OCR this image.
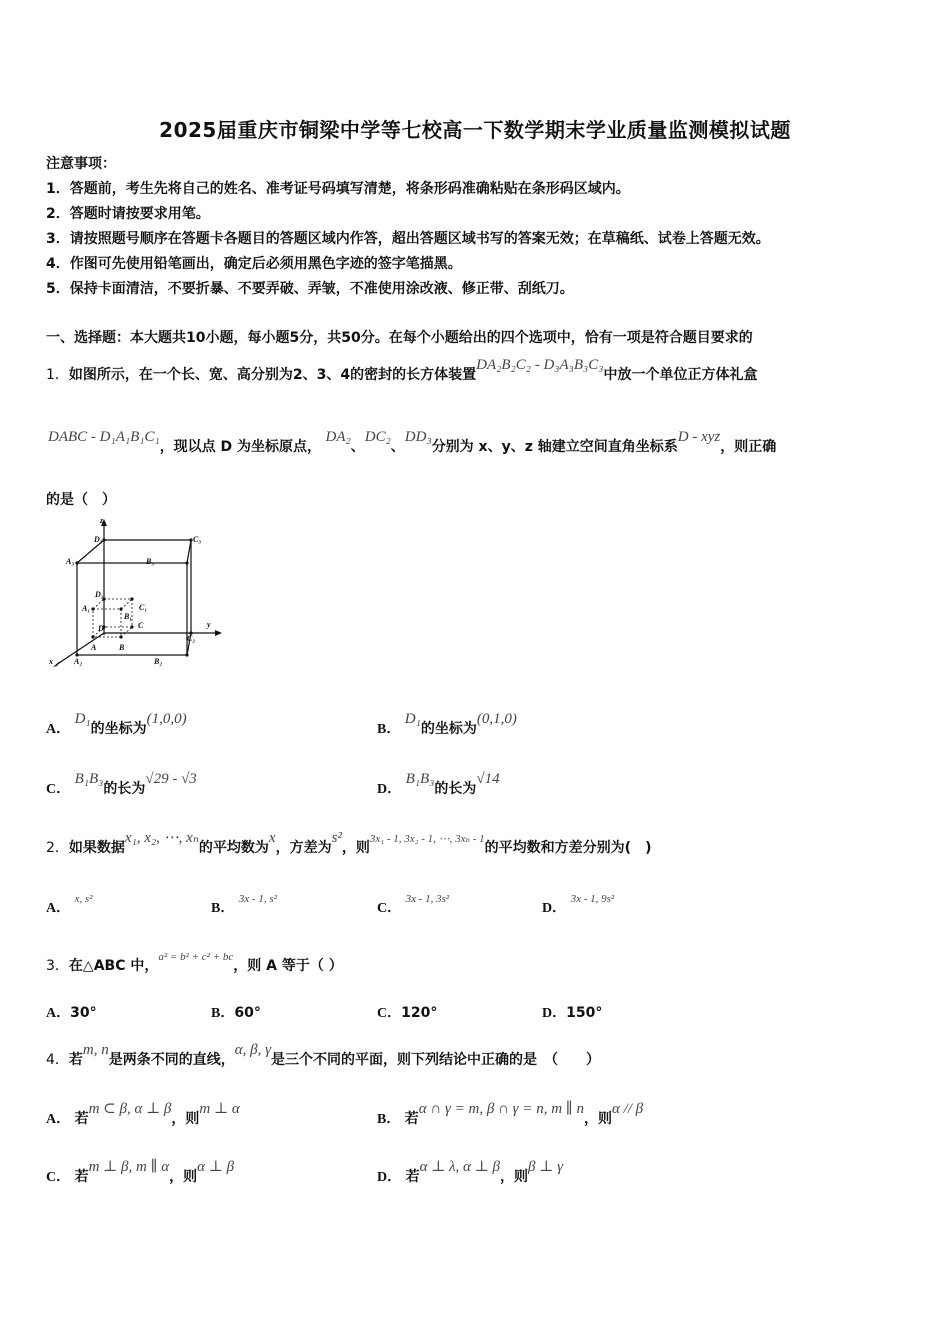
2025届重庆市铜梁中学等七校高一下数学期末学业质量监测模拟试题
注意事项：
1．答题前，考生先将自己的姓名、准考证号码填写清楚，将条形码准确粘贴在条形码区域内。
2．答题时请按要求用笔。
3．请按照题号顺序在答题卡各题目的答题区域内作答，超出答题区域书写的答案无效；在草稿纸、试卷上答题无效。
4．作图可先使用铅笔画出，确定后必须用黑色字迹的签字笔描黑。
5．保持卡面清洁，不要折暴、不要弄破、弄皱，不准使用涂改液、修正带、刮纸刀。
一、选择题：本大题共10小题，每小题5分，共50分。在每个小题给出的四个选项中，恰有一项是符合题目要求的
1．如图所示，在一个长、宽、高分别为2、3、4的密封的长方体装置DA₂B₂C₂ - D₃A₃B₃C₃中放一个单位正方体礼盒
DABC - D₁A₁B₁C₁，现以点 D 为坐标原点， DA₂、DC₂、DD₃分别为 x、y、z 轴建立空间直角坐标系D - xyz，则正确
的是（　）
z
y
x
D₃	C₃
A₃	B₃
D₁
A₁
B₁
C₁
D	C
A	B
A₂	B₂
C₂
A． D₁的坐标为(1,0,0)
B． D₁的坐标为(0,1,0)
C． B₁B₃的长为√29 - √3
D． B₁B₃的长为√14
2．如果数据x₁, x₂, ⋯, xₙ的平均数为x，方差为s²，则$^{3x_1 - 1, 3x_2 - 1, \cdots, 3x_n - 1}$的平均数和方差分别为(　)
A． $^{x, s^2}$
B． $^{3x - 1, s^2}$
C． $^{3x - 1, 3s^2}$
D． $^{3x - 1, 9s^2}$
3．在△ABC 中，$^{a^2 = b^2 + c^2 + bc}$，则 A 等于（ ）
A．30°	B．60°	C．120°	D．150°
4．若m, n是两条不同的直线，α, β, γ是三个不同的平面，则下列结论中正确的是　（　　）
A． 若m ⊂ β, α ⊥ β，则m ⊥ α
B． 若α ∩ γ = m, β ∩ γ = n, m ∥ n，则α // β
C． 若m ⊥ β, m ∥ α，则α ⊥ β
D． 若α ⊥ λ, α ⊥ β，则β ⊥ γ
